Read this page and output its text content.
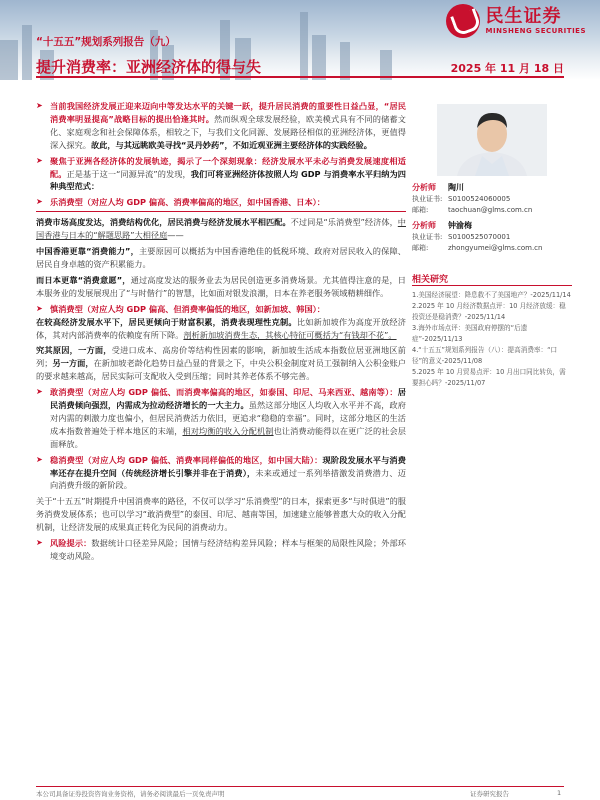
民生证券
MINSHENG SECURITIES
“十五五”规划系列报告（九）
提升消费率：亚洲经济体的得与失	2025 年 11 月 18 日

➤ 当前我国经济发展正迎来迈向中等发达水平的关键一跃，提升居民消费的重要性日益凸显，“居民消费率明显提高”战略目标的提出恰逢其时。然而纵观全球发展经验，欧美模式具有不同的储蓄文化、家庭观念和社会保障体系，相较之下，与我们文化同源、发展路径相似的亚洲经济体，更值得深入探究。故此，与其远眺欧美寻找“灵丹妙药”，不如近观亚洲主要经济体的实践经验。

➤ 聚焦于亚洲各经济体的发展轨迹，揭示了一个深刻现象：经济发展水平未必与消费发展速度相适配。正是基于这一“同源异流”的发现，我们可将亚洲经济体按照人均 GDP 与消费率水平归纳为四种典型范式：

➤ 乐消费型（对应人均 GDP 偏高、消费率偏高的地区，如中国香港、日本）：

消费市场高度发达，消费结构优化，居民消费与经济发展水平相匹配。不过同是“乐消费型”经济体，中国香港与日本的“解题思路”大相径庭——

中国香港更靠“消费能力”，主要原因可以概括为中国香港绝佳的低税环境、政府对居民收入的保障、居民自身卓越的资产积累能力。

而日本更靠“消费意愿”，通过高度发达的服务业去为居民创造更多消费场景。尤其值得注意的是，日本服务业的发展展现出了“与时偕行”的智慧，比如面对银发浪潮，日本在养老服务领域精耕细作。

➤ 慎消费型（对应人均 GDP 偏高、但消费率偏低的地区，如新加坡、韩国）：

在较高经济发展水平下，居民更倾向于财富积累，消费表现理性克制。比如新加坡作为高度开放经济体，其对内部消费率的依赖度有所下降。剖析新加坡消费生态，其核心特征可概括为“有钱却不花”。

究其原因，一方面，受进口成本、高房价等结构性因素的影响，新加坡生活成本指数位居亚洲地区前列；另一方面，在新加坡老龄化趋势日益凸显的背景之下，中央公积金制度对员工强制纳入公积金账户的要求越来越高，居民实际可支配收入受到压缩；同时其养老体系不够完善。

➤ 敢消费型（对应人均 GDP 偏低、而消费率偏高的地区，如泰国、印尼、马来西亚、越南等）：居民消费倾向强烈，内需成为拉动经济增长的一大主力。虽然这部分地区人均收入水平并不高，政府对内需的刺激力度也偏小，但居民消费活力依旧，更追求“稳稳的幸福”。同时，这部分地区的生活成本指数普遍处于样本地区的末端，相对均衡的收入分配机制也让消费动能得以在更广泛的社会层面释放。

➤ 稳消费型（对应人均 GDP 偏低、消费率同样偏低的地区，如中国大陆）：现阶段发展水平与消费率还存在提升空间（传统经济增长引擎并非在于消费），未来或通过一系列举措激发消费潜力、迈向消费升级的新阶段。

关于“十五五”时期提升中国消费率的路径，不仅可以学习“乐消费型”的日本，探索更多“与时俱进”的服务消费发展体系；也可以学习“敢消费型”的泰国、印尼、越南等国，加速建立能够普惠大众的收入分配机制，让经济发展的成果真正转化为民间的消费动力。

➤ 风险提示：数据统计口径差异风险；国情与经济结构差异风险；样本与框架的局限性风险；外部环境变动风险。

分析师 陶川
执业证书: S0100524060005
邮箱:	taochuan@glms.com.cn
分析师 钟渝梅
执业证书: S0100525070001
邮箱:	zhongyumei@glms.com.cn
相关研究
1.美国经济展望：降息救不了美国地产？-2025/11/14
2.2025 年 10 月经济数据点评：10 月经济放缓：稳投资还是稳消费？-2025/11/14
3.海外市场点评：美国政府停摆的“后遗症”-2025/11/13
4.“十五五”规划系列报告（八）：提高消费率：“口径”的意义-2025/11/08
5.2025 年 10 月贸易点评：10 月出口同比转负，需要担心吗？-2025/11/07
本公司具备证券投资咨询业务资格，请务必阅读最后一页免责声明	证券研究报告	1
